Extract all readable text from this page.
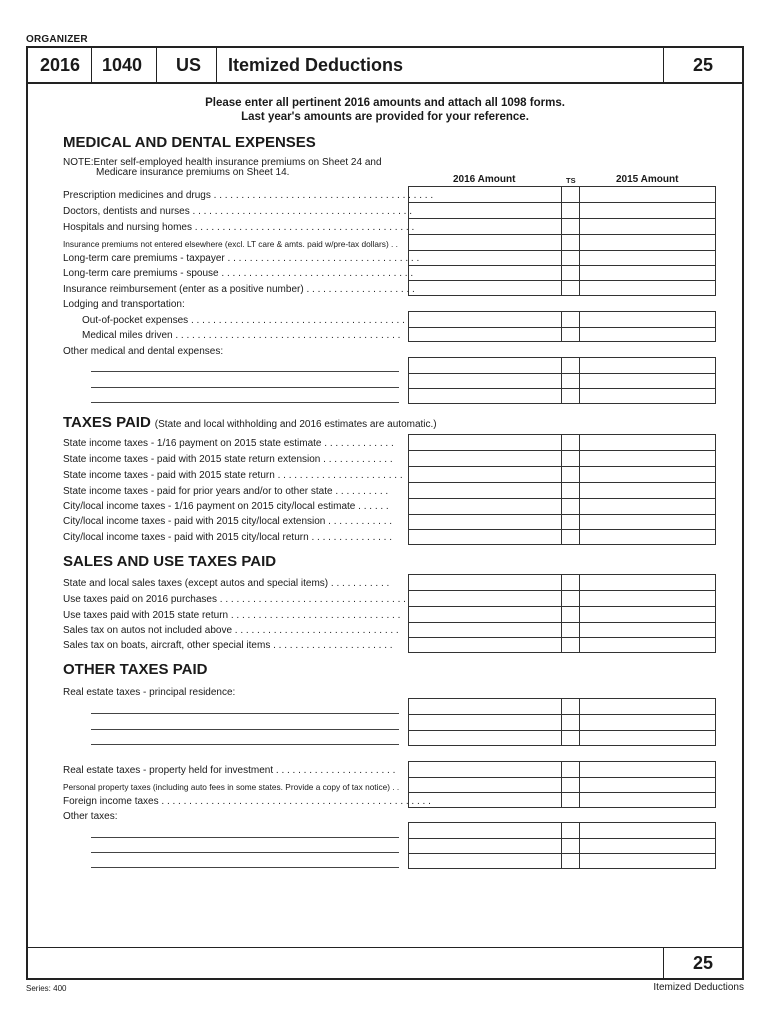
ORGANIZER
2016 1040 US Itemized Deductions	25
25
Please enter all pertinent 2016 amounts and attach all 1098 forms.
Last year's amounts are provided for your reference.
MEDICAL AND DENTAL EXPENSES
NOTE:Enter self-employed health insurance premiums on Sheet 24 and
Medicare insurance premiums on Sheet 14.
2016 Amount	TS	2015 Amount
Prescription medicines and drugs . . . . . . . . . . . . . . . . . . . . . . . . . . . . . . . . . . . . . . . .
Doctors, dentists and nurses . . . . . . . . . . . . . . . . . . . . . . . . . . . . . . . . . . . . . . . .
Hospitals and nursing homes . . . . . . . . . . . . . . . . . . . . . . . . . . . . . . . . . . . . . . . .
Insurance premiums not entered elsewhere (excl. LT care & amts. paid w/pre-tax dollars) . .
Long-term care premiums - taxpayer . . . . . . . . . . . . . . . . . . . . . . . . . . . . . . . . . . .
Long-term care premiums - spouse . . . . . . . . . . . . . . . . . . . . . . . . . . . . . . . . . . .
Insurance reimbursement (enter as a positive number) . . . . . . . . . . . . . . . . . . . .
Lodging and transportation:
Out-of-pocket expenses . . . . . . . . . . . . . . . . . . . . . . . . . . . . . . . . . . . . . . .
Medical miles driven . . . . . . . . . . . . . . . . . . . . . . . . . . . . . . . . . . . . . . . . .
Other medical and dental expenses:
TAXES PAID (State and local withholding and 2016 estimates are automatic.)
State income taxes - 1/16 payment on 2015 state estimate . . . . . . . . . . . . .
State income taxes - paid with 2015 state return extension . . . . . . . . . . . . .
State income taxes - paid with 2015 state return . . . . . . . . . . . . . . . . . . . . . . .
State income taxes - paid for prior years and/or to other state . . . . . . . . . .
City/local income taxes - 1/16 payment on 2015 city/local estimate . . . . . .
City/local income taxes - paid with 2015 city/local extension . . . . . . . . . . . .
City/local income taxes - paid with 2015 city/local return . . . . . . . . . . . . . . .
SALES AND USE TAXES PAID
State and local sales taxes (except autos and special items) . . . . . . . . . . .
Use taxes paid on 2016 purchases . . . . . . . . . . . . . . . . . . . . . . . . . . . . . . . . . .
Use taxes paid with 2015 state return . . . . . . . . . . . . . . . . . . . . . . . . . . . . . . .
Sales tax on autos not included above . . . . . . . . . . . . . . . . . . . . . . . . . . . . . .
Sales tax on boats, aircraft, other special items . . . . . . . . . . . . . . . . . . . . . .
OTHER TAXES PAID
Real estate taxes - principal residence:
Real estate taxes - property held for investment . . . . . . . . . . . . . . . . . . . . . .
Personal property taxes (including auto fees in some states. Provide a copy of tax notice) . .
Foreign income taxes . . . . . . . . . . . . . . . . . . . . . . . . . . . . . . . . . . . . . . . . . . . . . . . . .
Other taxes:
Series: 400	Itemized Deductions
